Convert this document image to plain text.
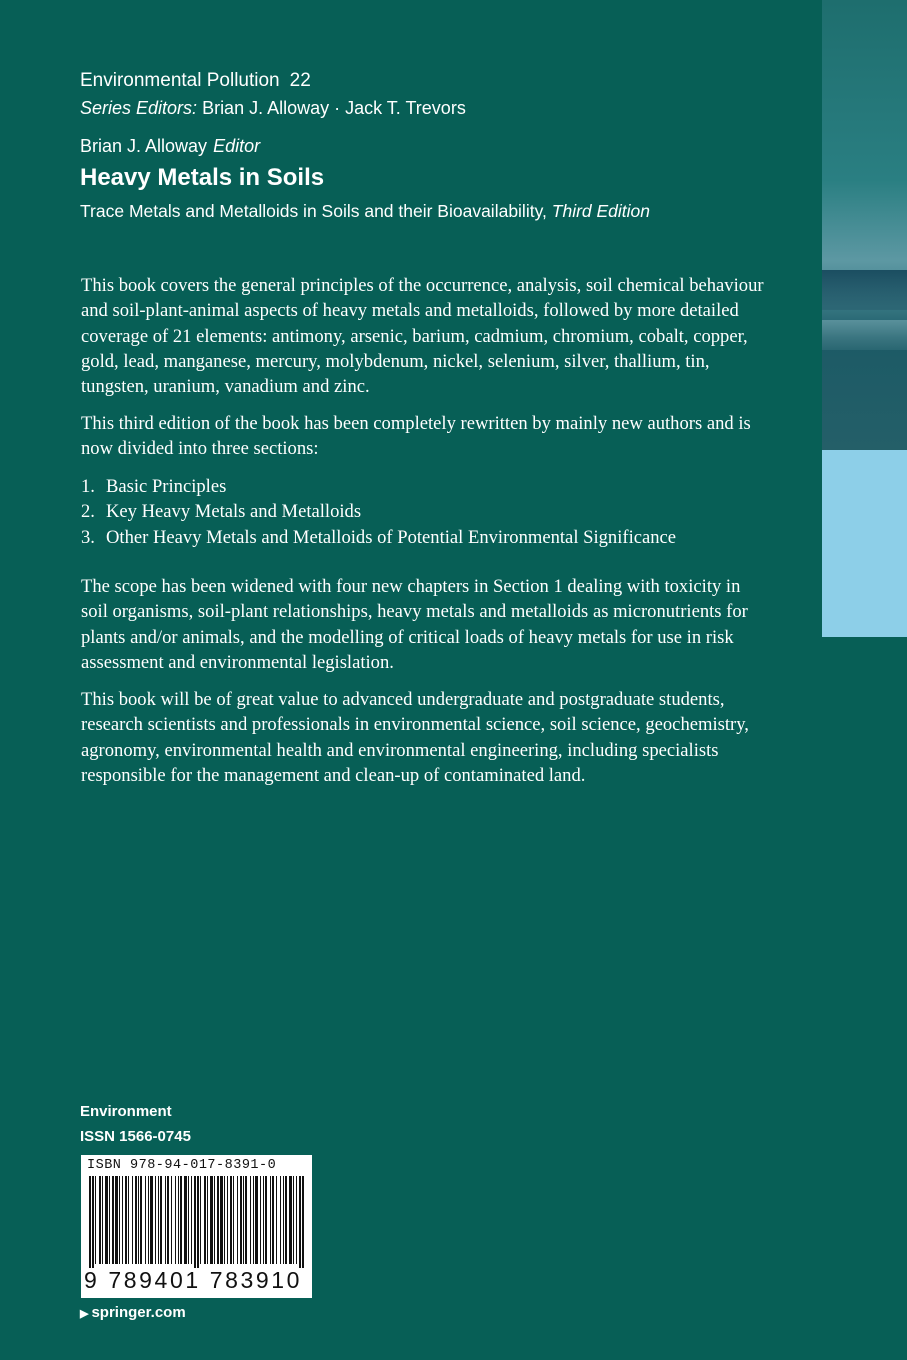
Environmental Pollution 22
Series Editors: Brian J. Alloway · Jack T. Trevors
Brian J. Alloway Editor
Heavy Metals in Soils
Trace Metals and Metalloids in Soils and their Bioavailability, Third Edition

This book covers the general principles of the occurrence, analysis, soil chemical behaviour and soil-plant-animal aspects of heavy metals and metalloids, followed by more detailed coverage of 21 elements: antimony, arsenic, barium, cadmium, chromium, cobalt, copper, gold, lead, manganese, mercury, molybdenum, nickel, selenium, silver, thallium, tin, tungsten, uranium, vanadium and zinc.

This third edition of the book has been completely rewritten by mainly new authors and is now divided into three sections:

1. Basic Principles
2. Key Heavy Metals and Metalloids
3. Other Heavy Metals and Metalloids of Potential Environmental Significance

The scope has been widened with four new chapters in Section 1 dealing with toxicity in soil organisms, soil-plant relationships, heavy metals and metalloids as micronutrients for plants and/or animals, and the modelling of critical loads of heavy metals for use in risk assessment and environmental legislation.

This book will be of great value to advanced undergraduate and postgraduate students, research scientists and professionals in environmental science, soil science, geochemistry, agronomy, environmental health and environmental engineering, including specialists responsible for the management and clean-up of contaminated land.

Environment
ISSN 1566-0745
ISBN 978-94-017-8391-0
9 789401 783910
▶ springer.com
